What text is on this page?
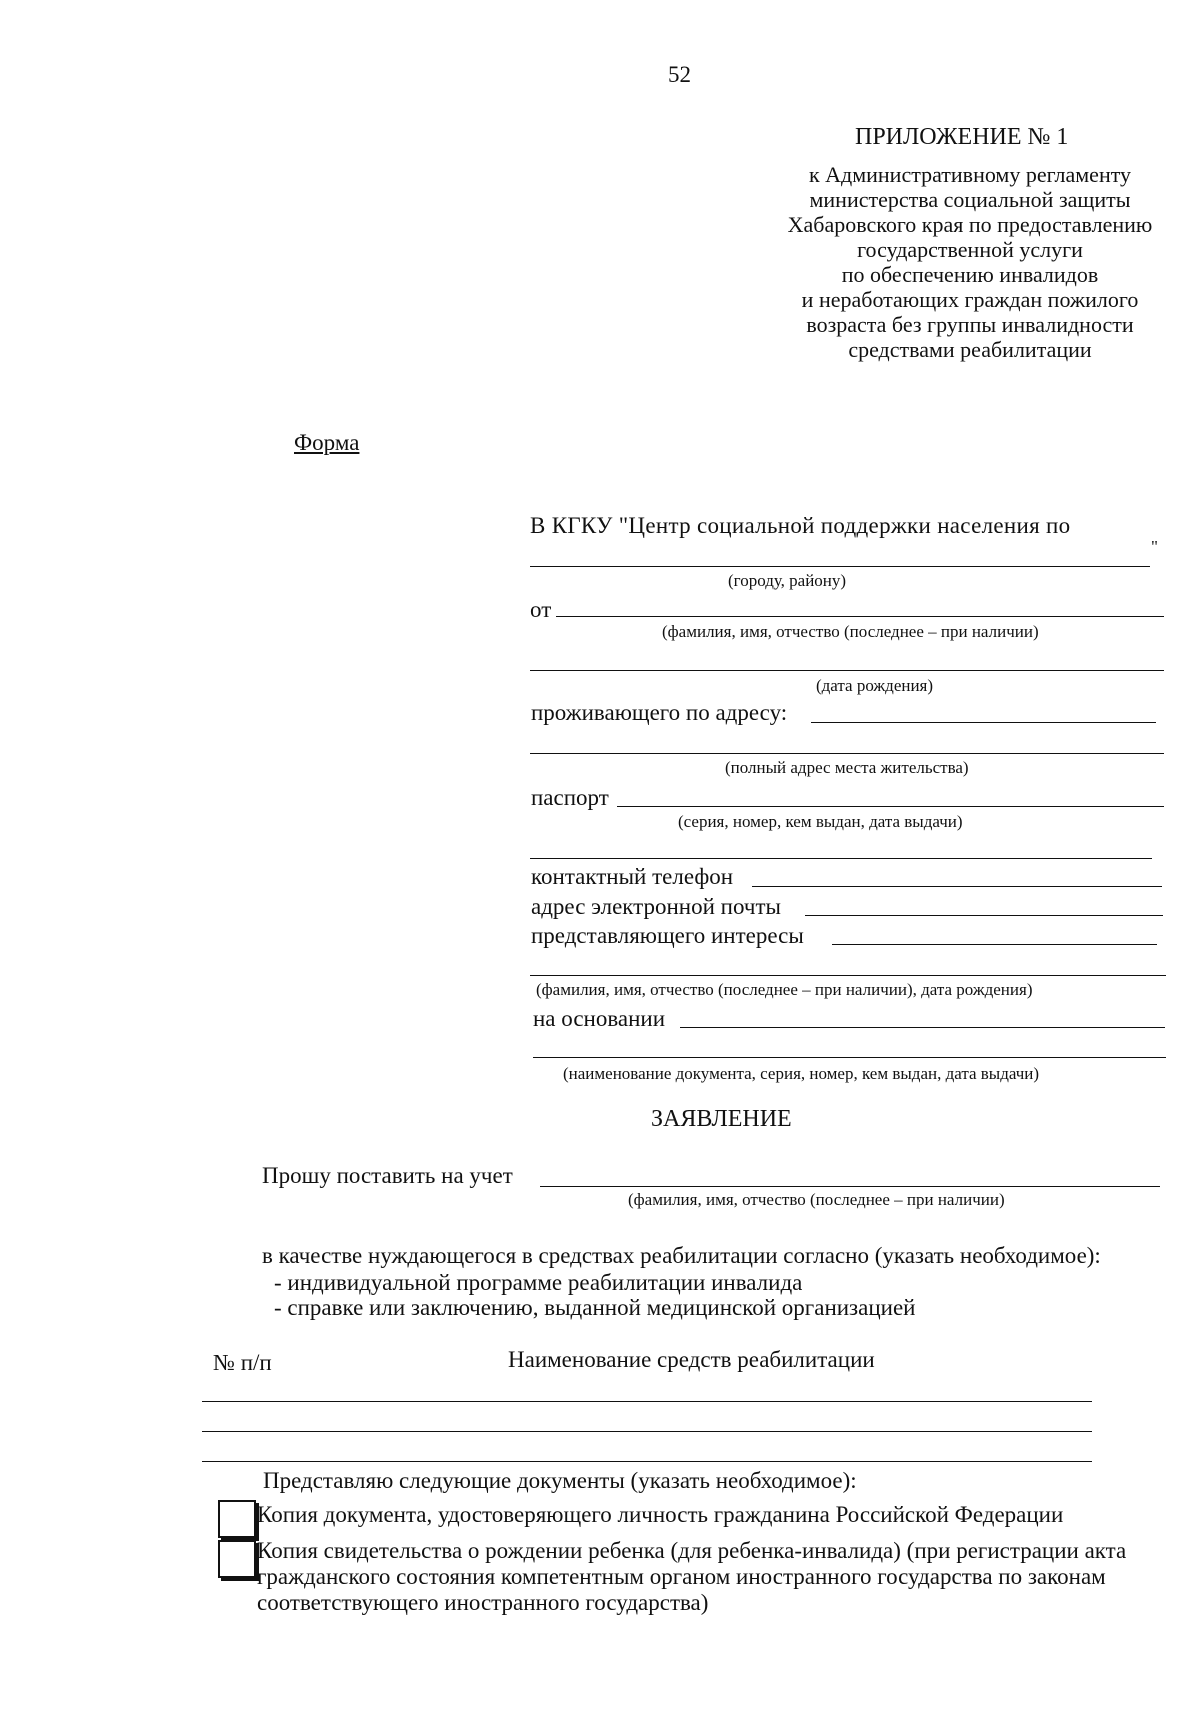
52
ПРИЛОЖЕНИЕ № 1
к Административному регламенту
министерства социальной защиты
Хабаровского края по предоставлению
государственной услуги
по обеспечению инвалидов
и неработающих граждан пожилого
возраста без группы инвалидности
средствами реабилитации
Форма
В КГКУ "Центр социальной поддержки населения по
"
(городу, району)
от
(фамилия, имя, отчество (последнее – при наличии)
(дата рождения)
проживающего по адресу:
(полный адрес места жительства)
паспорт
(серия, номер, кем выдан, дата выдачи)
контактный телефон
адрес электронной почты
представляющего интересы
(фамилия, имя, отчество (последнее – при наличии), дата рождения)
на основании
(наименование документа, серия, номер, кем выдан, дата выдачи)
ЗАЯВЛЕНИЕ
Прошу поставить на учет
(фамилия, имя, отчество (последнее – при наличии)
в качестве нуждающегося в средствах реабилитации согласно (указать необходимое):
- индивидуальной программе реабилитации инвалида
- справке или заключению, выданной медицинской организацией
№ п/п	Наименование средств реабилитации
Представляю следующие документы (указать необходимое):
Копия документа, удостоверяющего личность гражданина Российской Федерации
Копия свидетельства о рождении ребенка (для ребенка-инвалида) (при регистрации акта
гражданского состояния компетентным органом иностранного государства по законам
соответствующего иностранного государства)
